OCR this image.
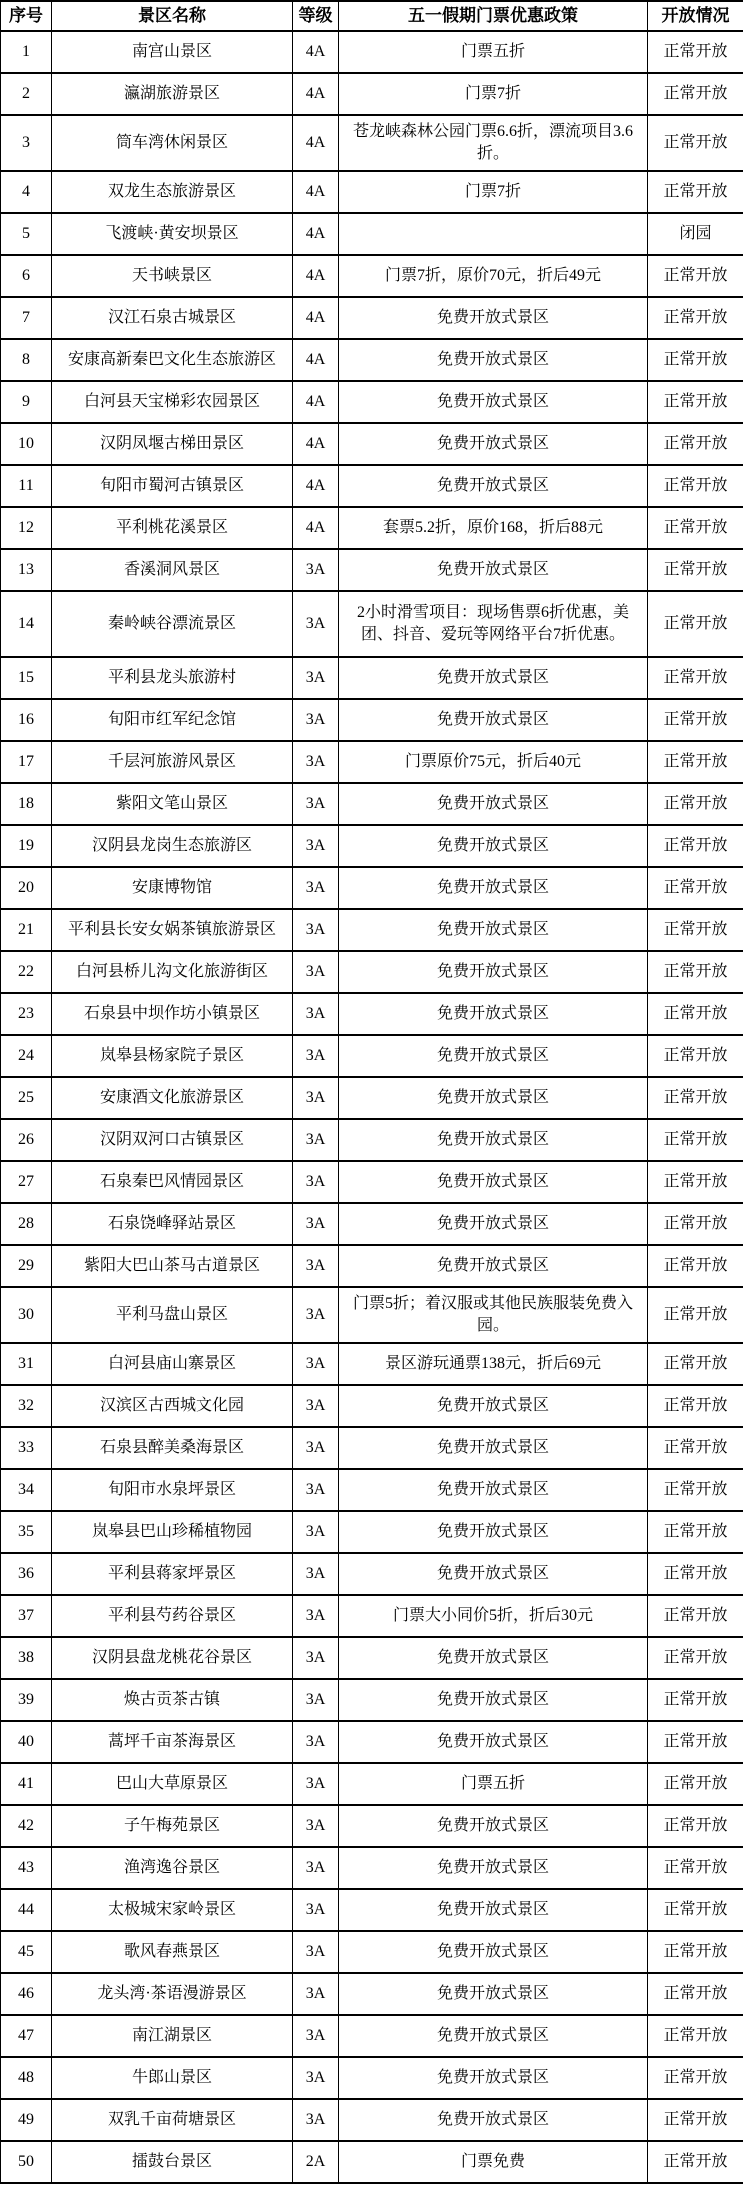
序号	景区名称	等级	五一假期门票优惠政策	开放情况
1	南宫山景区	4A	门票五折	正常开放
2	瀛湖旅游景区	4A	门票7折	正常开放
3	筒车湾休闲景区	4A	苍龙峡森林公园门票6.6折，漂流项目3.6折。	正常开放
4	双龙生态旅游景区	4A	门票7折	正常开放
5	飞渡峡·黄安坝景区	4A		闭园
6	天书峡景区	4A	门票7折，原价70元，折后49元	正常开放
7	汉江石泉古城景区	4A	免费开放式景区	正常开放
8	安康高新秦巴文化生态旅游区	4A	免费开放式景区	正常开放
9	白河县天宝梯彩农园景区	4A	免费开放式景区	正常开放
10	汉阴凤堰古梯田景区	4A	免费开放式景区	正常开放
11	旬阳市蜀河古镇景区	4A	免费开放式景区	正常开放
12	平利桃花溪景区	4A	套票5.2折，原价168，折后88元	正常开放
13	香溪洞风景区	3A	免费开放式景区	正常开放
14	秦岭峡谷漂流景区	3A	2小时滑雪项目：现场售票6折优惠，美团、抖音、爱玩等网络平台7折优惠。	正常开放
15	平利县龙头旅游村	3A	免费开放式景区	正常开放
16	旬阳市红军纪念馆	3A	免费开放式景区	正常开放
17	千层河旅游风景区	3A	门票原价75元，折后40元	正常开放
18	紫阳文笔山景区	3A	免费开放式景区	正常开放
19	汉阴县龙岗生态旅游区	3A	免费开放式景区	正常开放
20	安康博物馆	3A	免费开放式景区	正常开放
21	平利县长安女娲茶镇旅游景区	3A	免费开放式景区	正常开放
22	白河县桥儿沟文化旅游街区	3A	免费开放式景区	正常开放
23	石泉县中坝作坊小镇景区	3A	免费开放式景区	正常开放
24	岚皋县杨家院子景区	3A	免费开放式景区	正常开放
25	安康酒文化旅游景区	3A	免费开放式景区	正常开放
26	汉阴双河口古镇景区	3A	免费开放式景区	正常开放
27	石泉秦巴风情园景区	3A	免费开放式景区	正常开放
28	石泉饶峰驿站景区	3A	免费开放式景区	正常开放
29	紫阳大巴山茶马古道景区	3A	免费开放式景区	正常开放
30	平利马盘山景区	3A	门票5折；着汉服或其他民族服装免费入园。	正常开放
31	白河县庙山寨景区	3A	景区游玩通票138元，折后69元	正常开放
32	汉滨区古西城文化园	3A	免费开放式景区	正常开放
33	石泉县醉美桑海景区	3A	免费开放式景区	正常开放
34	旬阳市水泉坪景区	3A	免费开放式景区	正常开放
35	岚皋县巴山珍稀植物园	3A	免费开放式景区	正常开放
36	平利县蒋家坪景区	3A	免费开放式景区	正常开放
37	平利县芍药谷景区	3A	门票大小同价5折，折后30元	正常开放
38	汉阴县盘龙桃花谷景区	3A	免费开放式景区	正常开放
39	焕古贡茶古镇	3A	免费开放式景区	正常开放
40	蒿坪千亩茶海景区	3A	免费开放式景区	正常开放
41	巴山大草原景区	3A	门票五折	正常开放
42	子午梅苑景区	3A	免费开放式景区	正常开放
43	渔湾逸谷景区	3A	免费开放式景区	正常开放
44	太极城宋家岭景区	3A	免费开放式景区	正常开放
45	歌风春燕景区	3A	免费开放式景区	正常开放
46	龙头湾·茶语漫游景区	3A	免费开放式景区	正常开放
47	南江湖景区	3A	免费开放式景区	正常开放
48	牛郎山景区	3A	免费开放式景区	正常开放
49	双乳千亩荷塘景区	3A	免费开放式景区	正常开放
50	擂鼓台景区	2A	门票免费	正常开放
